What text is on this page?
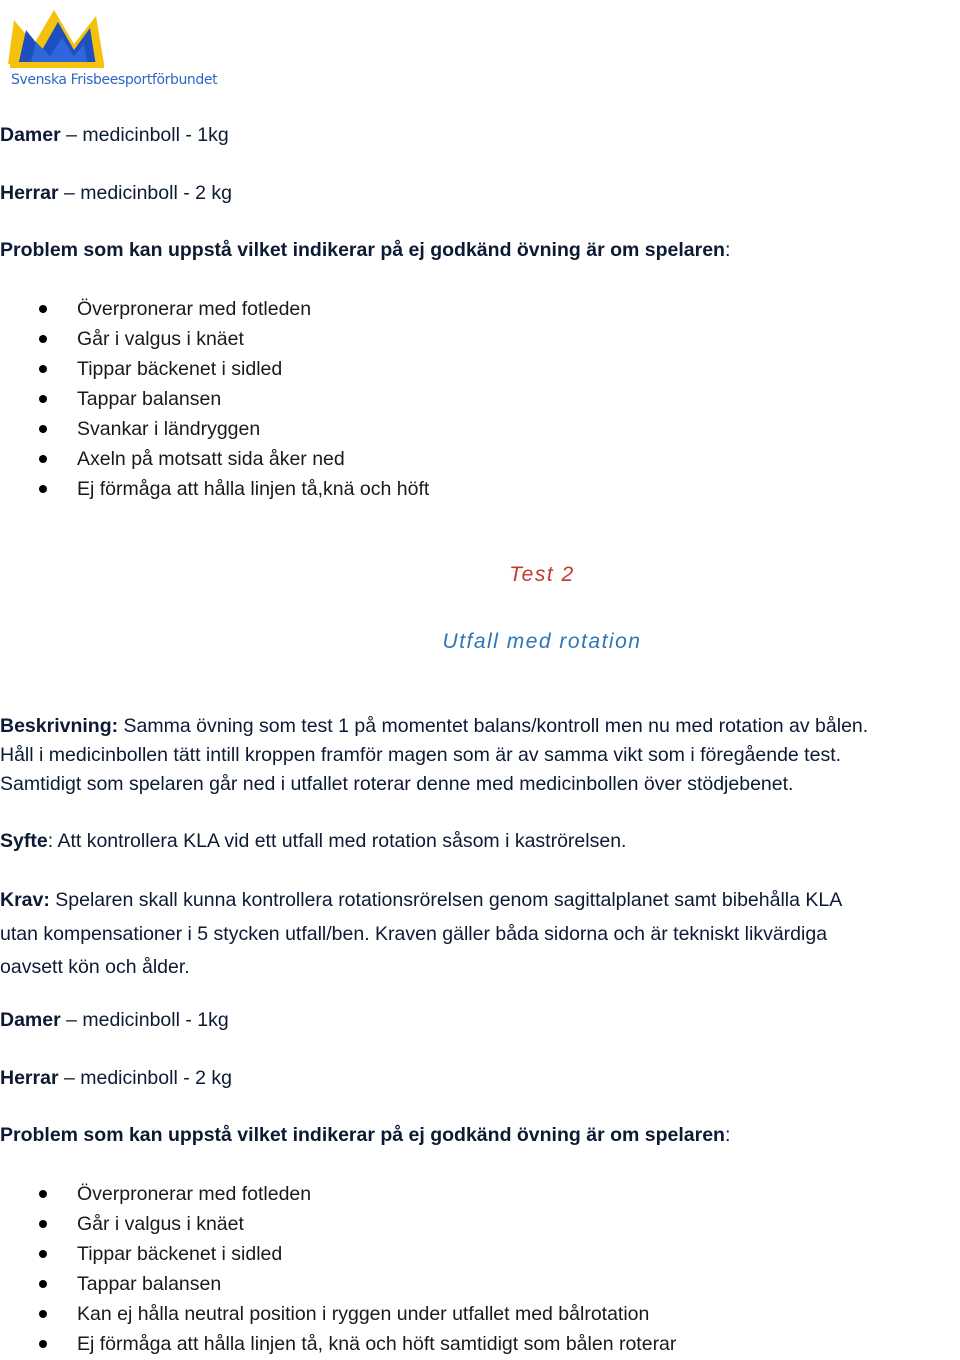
Svenska Frisbeesportförbundet
Damer – medicinboll - 1kg
Herrar – medicinboll - 2 kg
Problem som kan uppstå vilket indikerar på ej godkänd övning är om spelaren:
Överpronerar med fotleden
Går i valgus i knäet
Tippar bäckenet i sidled
Tappar balansen
Svankar i ländryggen
Axeln på motsatt sida åker ned
Ej förmåga att hålla linjen tå,knä och höft
Test 2
Utfall med rotation
Beskrivning: Samma övning som test 1 på momentet balans/kontroll men nu med rotation av bålen.
Håll i medicinbollen tätt intill kroppen framför magen som är av samma vikt som i föregående test.
Samtidigt som spelaren går ned i utfallet roterar denne med medicinbollen över stödjebenet.
Syfte: Att kontrollera KLA vid ett utfall med rotation såsom i kaströrelsen.
Krav: Spelaren skall kunna kontrollera rotationsrörelsen genom sagittalplanet samt bibehålla KLA
utan kompensationer i 5 stycken utfall/ben. Kraven gäller båda sidorna och är tekniskt likvärdiga
oavsett kön och ålder.
Damer – medicinboll - 1kg
Herrar – medicinboll - 2 kg
Problem som kan uppstå vilket indikerar på ej godkänd övning är om spelaren:
Överpronerar med fotleden
Går i valgus i knäet
Tippar bäckenet i sidled
Tappar balansen
Kan ej hålla neutral position i ryggen under utfallet med bålrotation
Ej förmåga att hålla linjen tå, knä och höft samtidigt som bålen roterar
